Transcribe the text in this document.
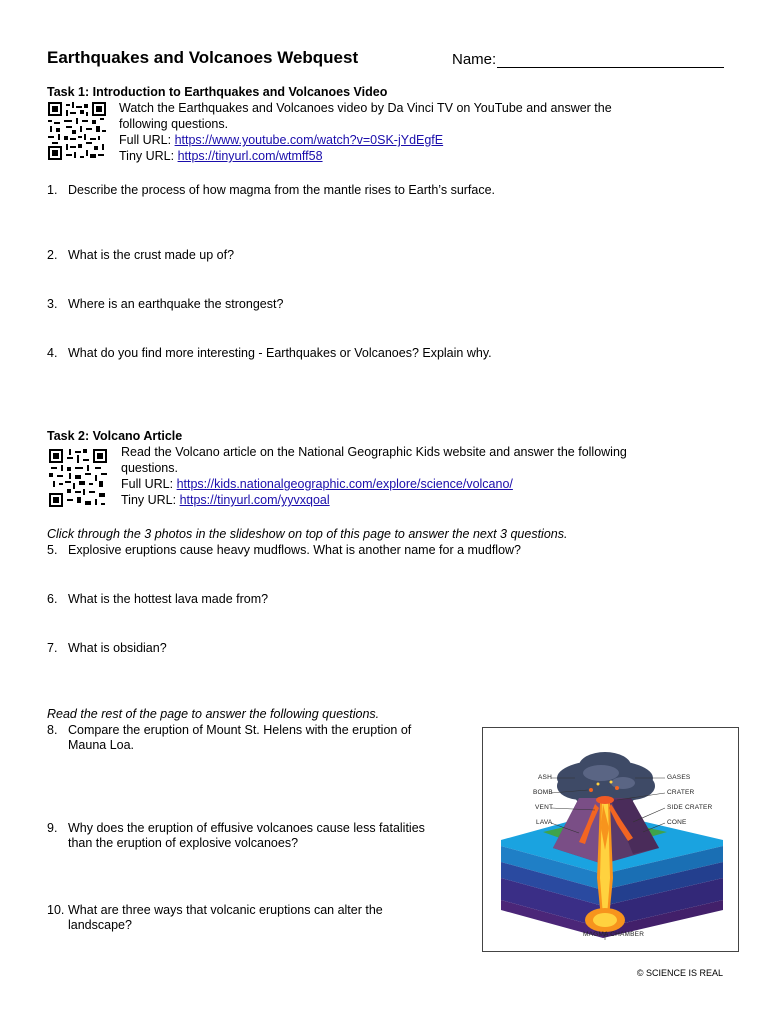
Earthquakes and Volcanoes Webquest	Name:
Task 1: Introduction to Earthquakes and Volcanoes Video
Watch the Earthquakes and Volcanoes video by Da Vinci TV on YouTube and answer the
following questions.
Full URL: https://www.youtube.com/watch?v=0SK-jYdEgfE
Tiny URL: https://tinyurl.com/wtmff58
1. Describe the process of how magma from the mantle rises to Earth’s surface.
2. What is the crust made up of?
3. Where is an earthquake the strongest?
4. What do you find more interesting - Earthquakes or Volcanoes? Explain why.
Task 2: Volcano Article
Read the Volcano article on the National Geographic Kids website and answer the following
questions.
Full URL: https://kids.nationalgeographic.com/explore/science/volcano/
Tiny URL: https://tinyurl.com/yyvxqoal
Click through the 3 photos in the slideshow on top of this page to answer the next 3 questions.
5. Explosive eruptions cause heavy mudflows. What is another name for a mudflow?
6. What is the hottest lava made from?
7. What is obsidian?
Read the rest of the page to answer the following questions.
8. Compare the eruption of Mount St. Helens with the eruption of
Mauna Loa.
9. Why does the eruption of effusive volcanoes cause less fatalities
than the eruption of explosive volcanoes?
10. What are three ways that volcanic eruptions can alter the
landscape?
ASH
BOMB
VENT
LAVA
GASES
CRATER
SIDE CRATER
CONE
MAGMA CHAMBER
© SCIENCE IS REAL
